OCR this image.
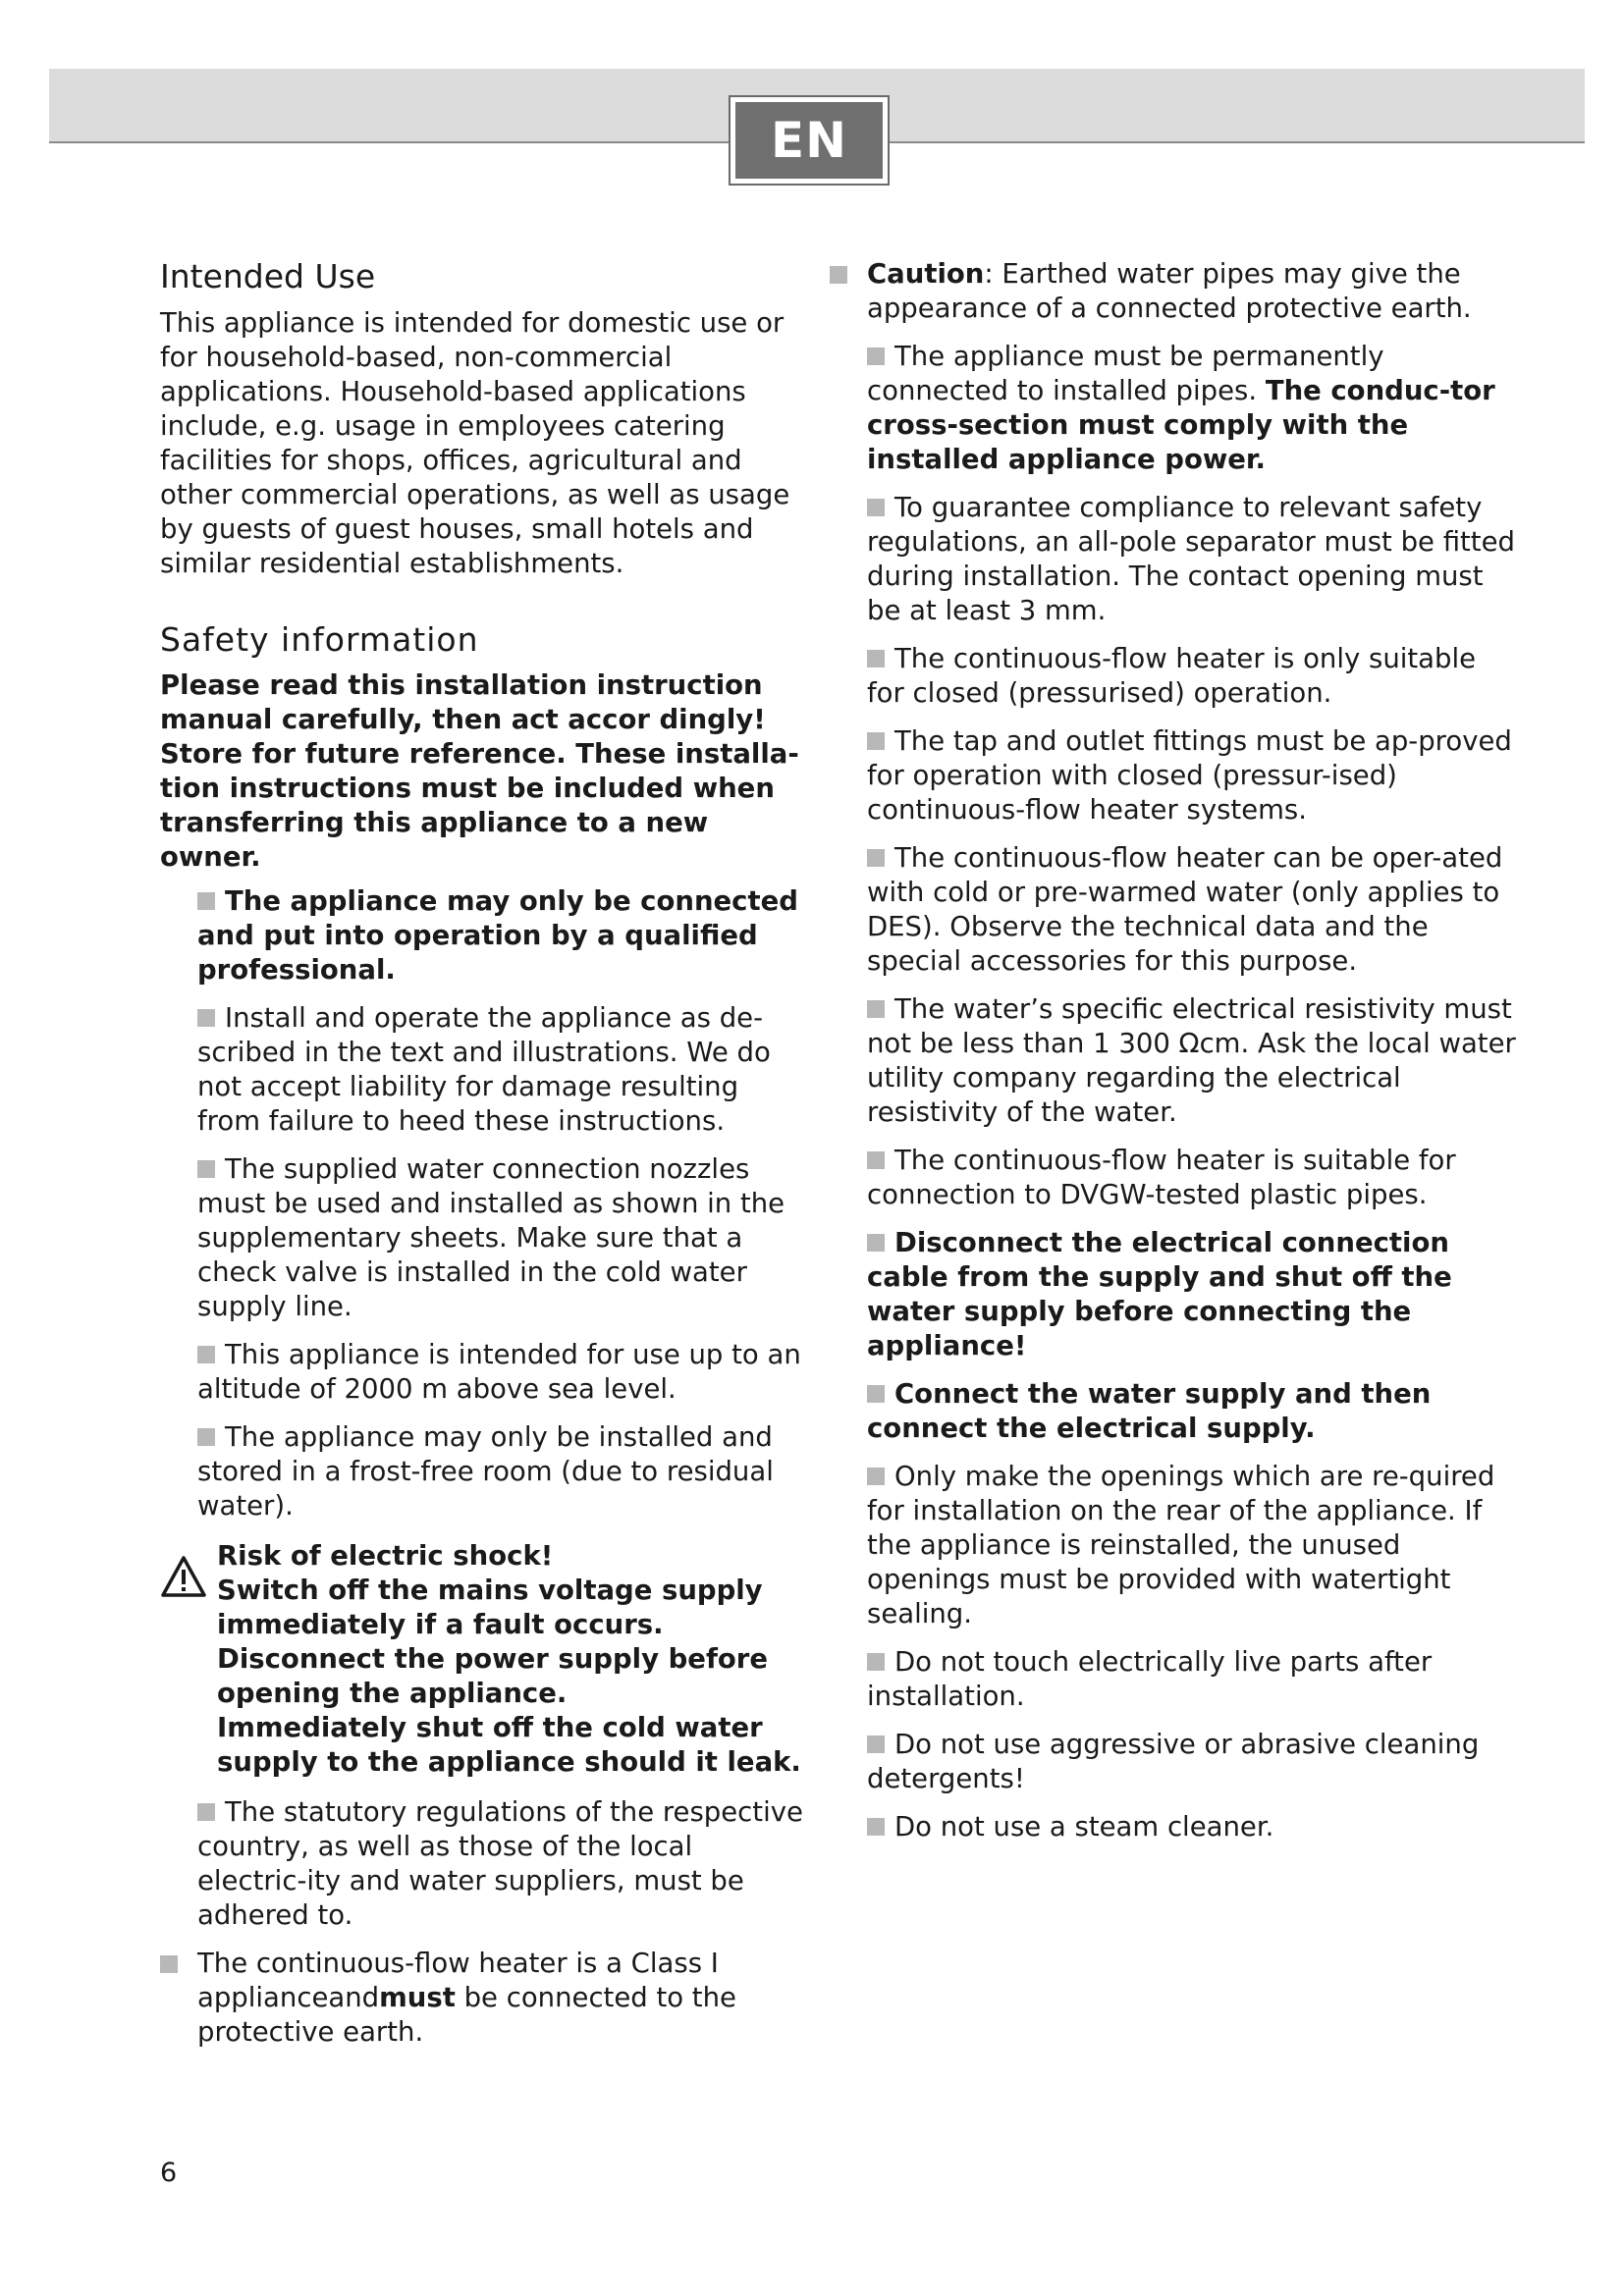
EN
Intended Use

This appliance is intended for domestic use or for household-based, non-commercial applications. Household-based applications include, e.g. usage in employees catering facilities for shops, offices, agricultural and other commercial operations, as well as usage by guests of guest houses, small hotels and similar residential establishments.

Safety information

Please read this installation instruction manual carefully, then act accor dingly! Store for future reference. These installa-tion instructions must be included when transferring this appliance to a new owner.

The appliance may only be connected and put into operation by a qualified professional.
Install and operate the appliance as de-scribed in the text and illustrations. We do not accept liability for damage resulting from failure to heed these instructions.
The supplied water connection nozzles must be used and installed as shown in the supplementary sheets. Make sure that a check valve is installed in the cold water supply line.
This appliance is intended for use up to an altitude of 2000 m above sea level.
The appliance may only be installed and stored in a frost-free room (due to residual water).
Risk of electric shock!
Switch off the mains voltage supply immediately if a fault occurs.
Disconnect the power supply before opening the appliance.
Immediately shut off the cold water supply to the appliance should it leak.
The statutory regulations of the respective country, as well as those of the local electric-ity and water suppliers, must be adhered to.
The continuous-flow heater is a Class I applianceandmust be connected to the protective earth.
Caution: Earthed water pipes may give the appearance of a connected protective earth.
The appliance must be permanently connected to installed pipes. The conduc-tor cross-section must comply with the installed appliance power.
To guarantee compliance to relevant safety regulations, an all-pole separator must be fitted during installation. The contact opening must be at least 3 mm.
The continuous-flow heater is only suitable for closed (pressurised) operation.
The tap and outlet fittings must be ap-proved for operation with closed (pressur-ised) continuous-flow heater systems.
The continuous-flow heater can be oper-ated with cold or pre-warmed water (only applies to DES). Observe the technical data and the special accessories for this purpose.
The water’s specific electrical resistivity must not be less than 1 300 Ωcm. Ask the local water utility company regarding the electrical resistivity of the water.
The continuous-flow heater is suitable for connection to DVGW-tested plastic pipes.
Disconnect the electrical connection cable from the supply and shut off the water supply before connecting the appliance!
Connect the water supply and then connect the electrical supply.
Only make the openings which are re-quired for installation on the rear of the appliance. If the appliance is reinstalled, the unused openings must be provided with watertight sealing.
Do not touch electrically live parts after installation.
Do not use aggressive or abrasive cleaning detergents!
Do not use a steam cleaner.
6
